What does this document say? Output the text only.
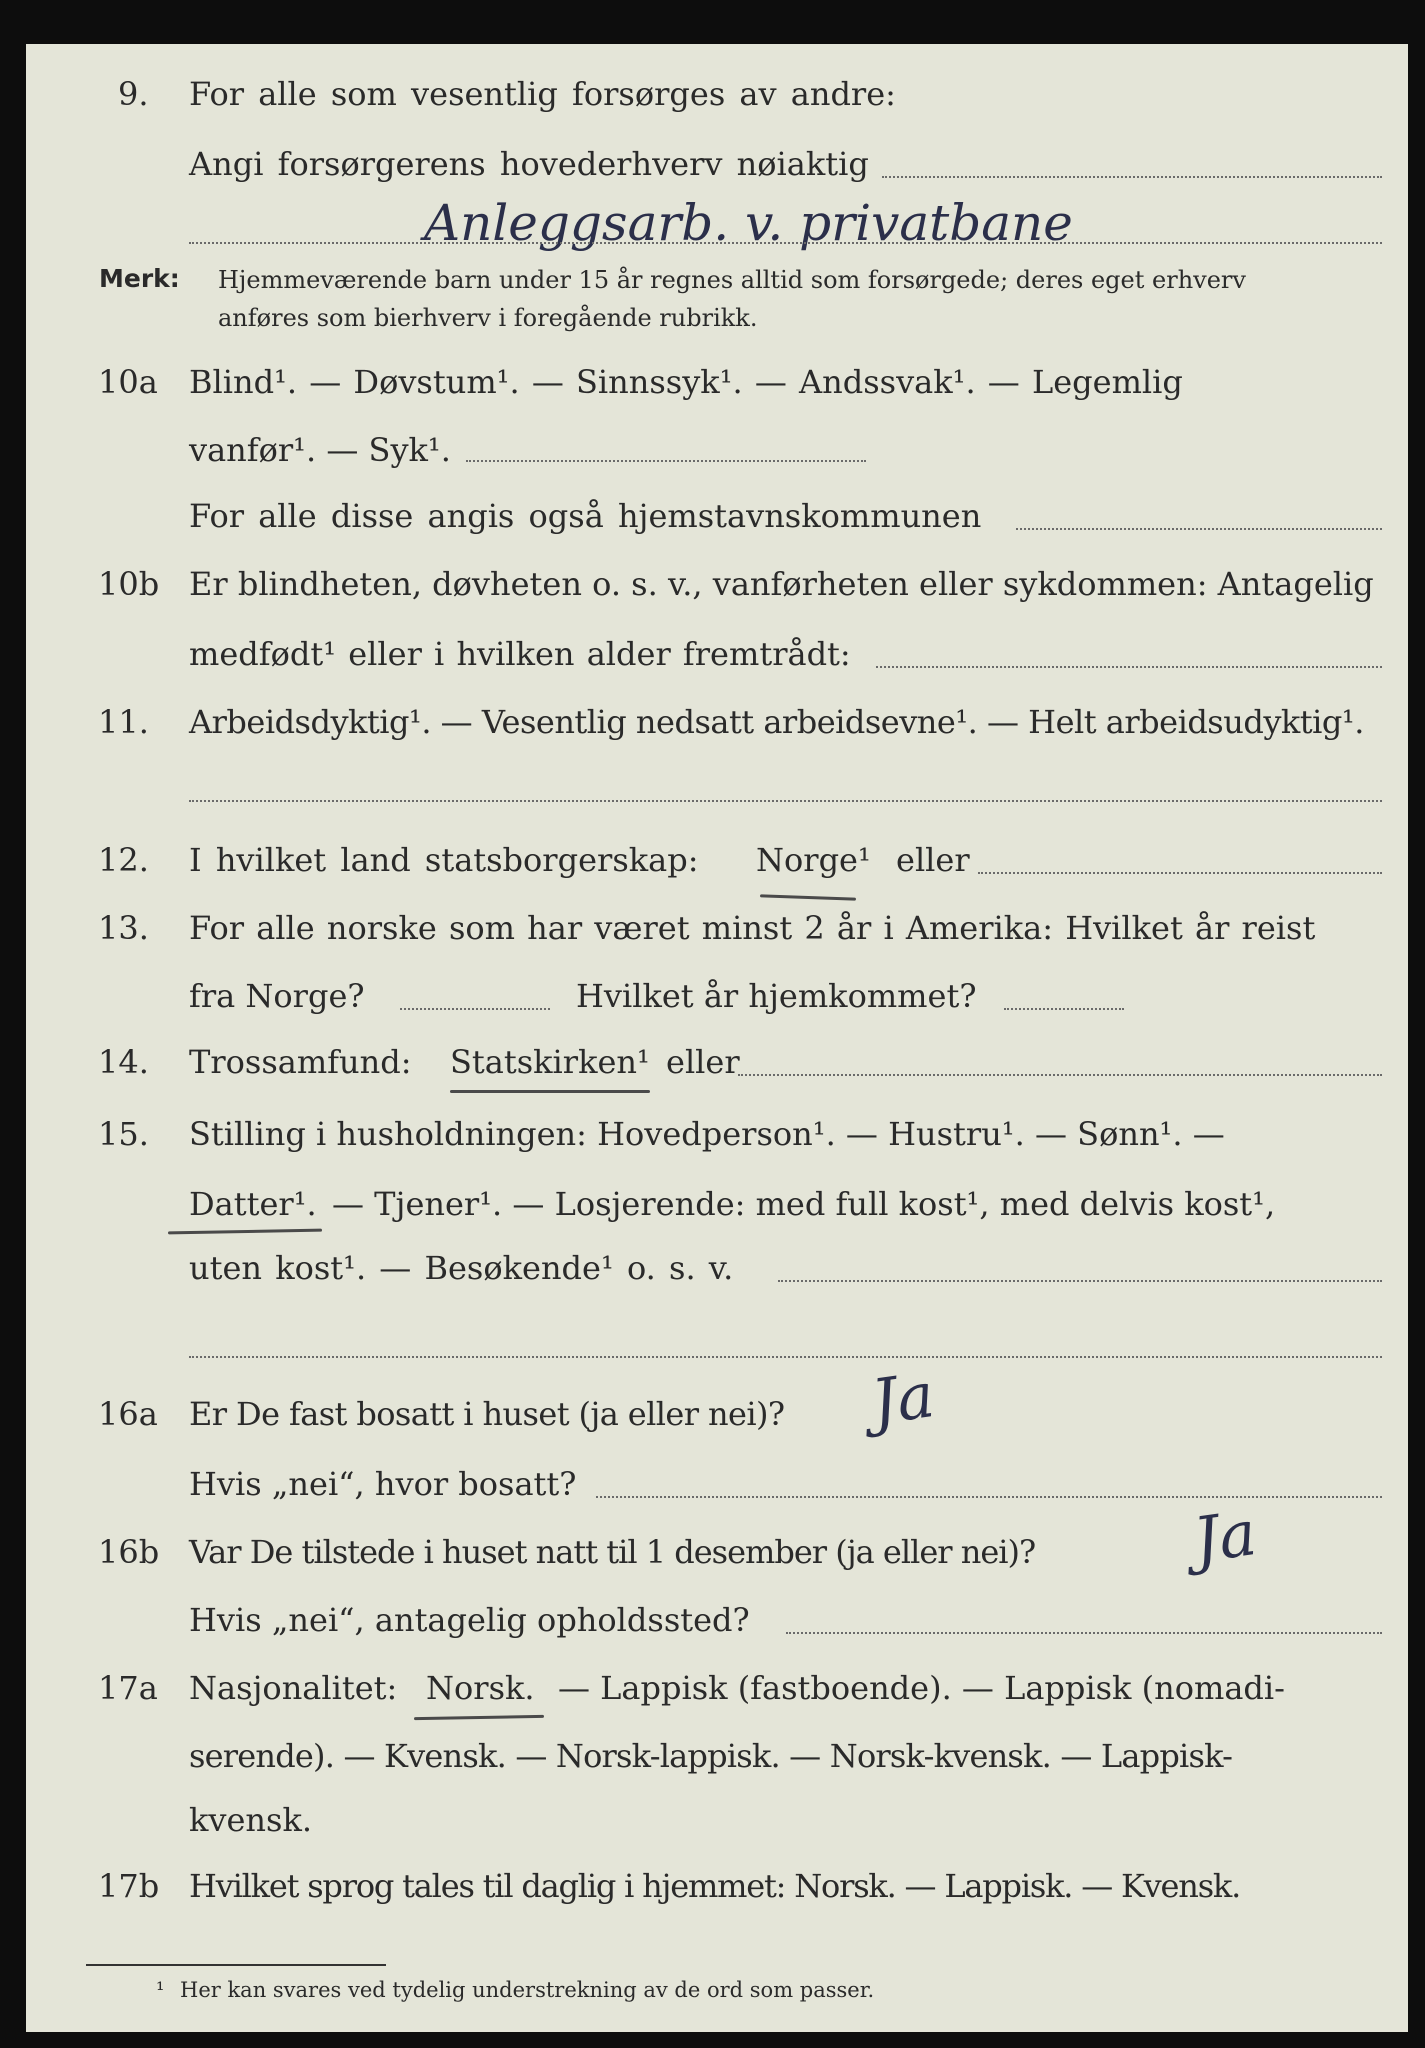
9. For alle som vesentlig forsørges av andre:
Angi forsørgerens hovederhverv nøiaktig
Anleggsarb. v. privatbane
Merk: Hjemmeværende barn under 15 år regnes alltid som forsørgede; deres eget erhverv
anføres som bierhverv i foregående rubrikk.
10a Blind¹. — Døvstum¹. — Sinnssyk¹. — Andssvak¹. — Legemlig
vanfør¹. — Syk¹.
For alle disse angis også hjemstavnskommunen
10b Er blindheten, døvheten o. s. v., vanførheten eller sykdommen: Antagelig
medfødt¹ eller i hvilken alder fremtrådt:
11. Arbeidsdyktig¹. — Vesentlig nedsatt arbeidsevne¹. — Helt arbeidsudyktig¹.
12. I hvilket land statsborgerskap: Norge¹ eller
13. For alle norske som har været minst 2 år i Amerika: Hvilket år reist
fra Norge?	Hvilket år hjemkommet?
14. Trossamfund: Statskirken¹ eller
15. Stilling i husholdningen: Hovedperson¹. — Hustru¹. — Sønn¹. —
Datter¹. — Tjener¹. — Losjerende: med full kost¹, med delvis kost¹,
uten kost¹. — Besøkende¹ o. s. v.
16a Er De fast bosatt i huset (ja eller nei)? Ja
Hvis „nei“, hvor bosatt?
16b Var De tilstede i huset natt til 1 desember (ja eller nei)? Ja
Hvis „nei“, antagelig opholdssted?
17a Nasjonalitet: Norsk. — Lappisk (fastboende). — Lappisk (nomadi-
serende). — Kvensk. — Norsk-lappisk. — Norsk-kvensk. — Lappisk-
kvensk.
17b Hvilket sprog tales til daglig i hjemmet: Norsk. — Lappisk. — Kvensk.
¹ Her kan svares ved tydelig understrekning av de ord som passer.
